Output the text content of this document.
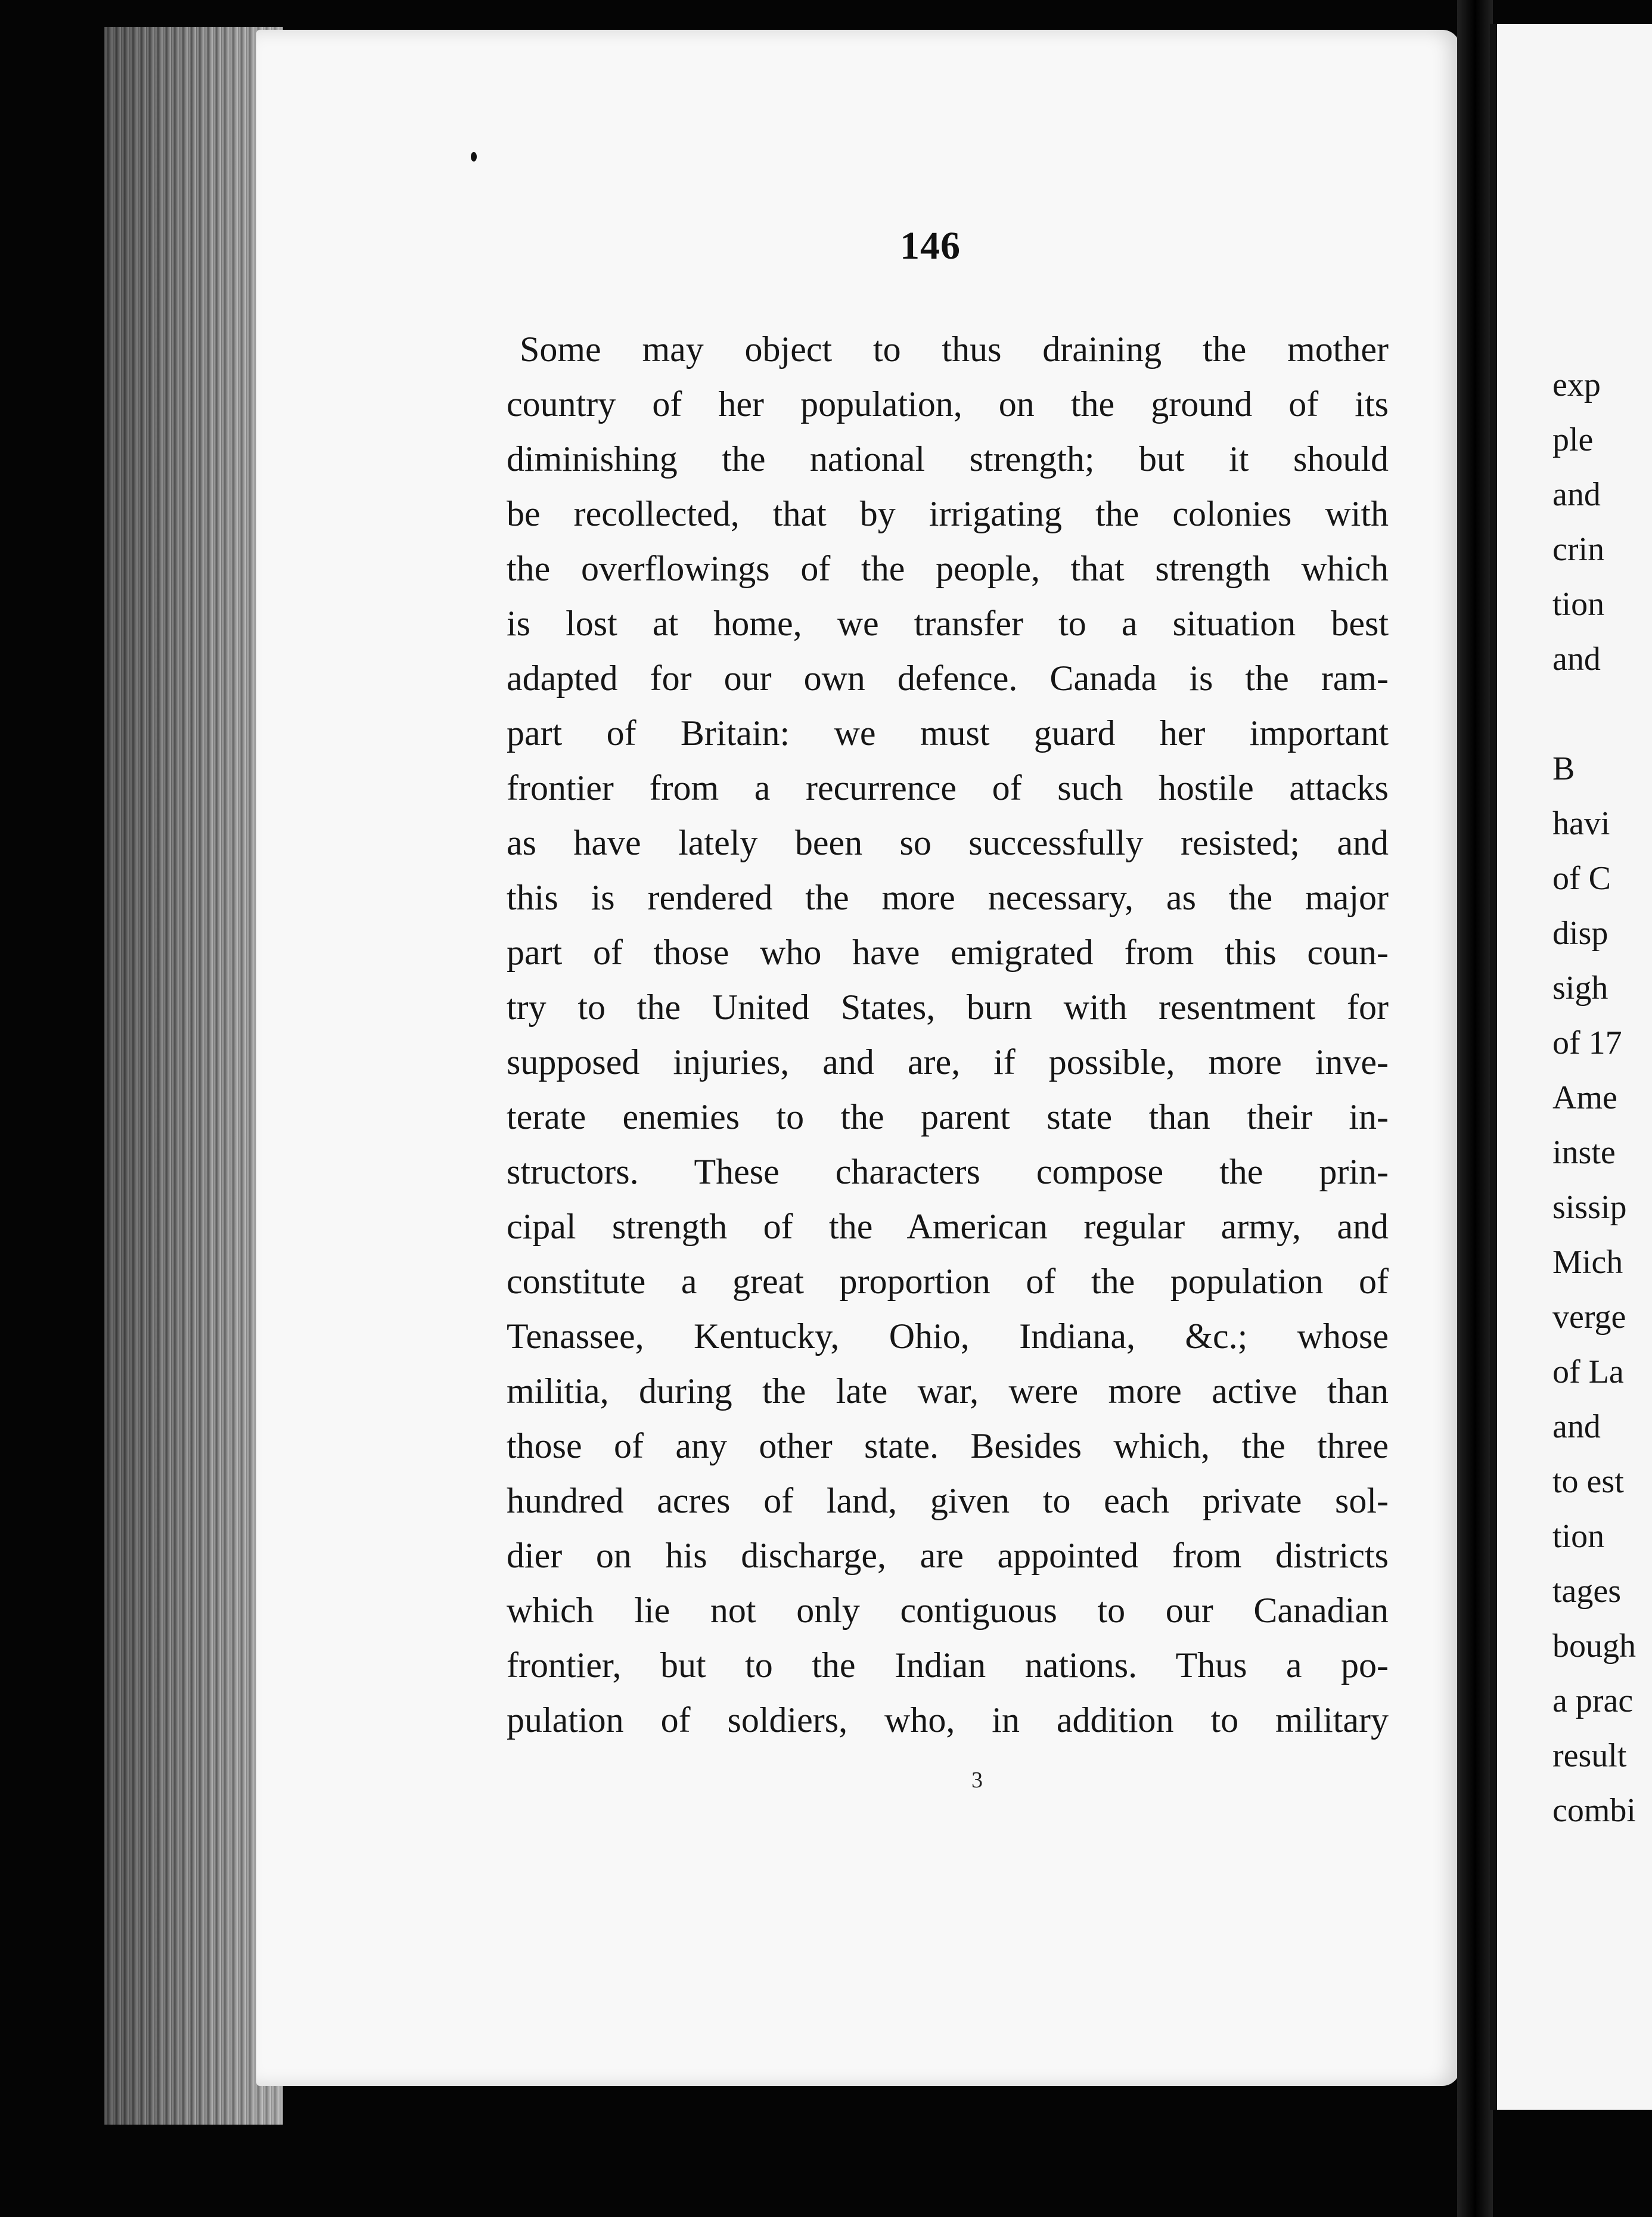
146
Some may object to thus draining the mother
country of her population, on the ground of its
diminishing the national strength; but it should
be recollected, that by irrigating the colonies with
the overflowings of the people, that strength which
is lost at home, we transfer to a situation best
adapted for our own defence. Canada is the ram-
part of Britain: we must guard her important
frontier from a recurrence of such hostile attacks
as have lately been so successfully resisted; and
this is rendered the more necessary, as the major
part of those who have emigrated from this coun-
try to the United States, burn with resentment for
supposed injuries, and are, if possible, more inve-
terate enemies to the parent state than their in-
structors. These characters compose the prin-
cipal strength of the American regular army, and
constitute a great proportion of the population of
Tenassee, Kentucky, Ohio, Indiana, &c.; whose
militia, during the late war, were more active than
those of any other state. Besides which, the three
hundred acres of land, given to each private sol-
dier on his discharge, are appointed from districts
which lie not only contiguous to our Canadian
frontier, but to the Indian nations. Thus a po-
pulation of soldiers, who, in addition to military
3
exp
ple
and
crin
tion
and
B
havi
of C
disp
sigh
of 17
Ame
inste
sissip
Mich
verge
of La
and
to est
tion
tages
bough
a prac
result
combi
